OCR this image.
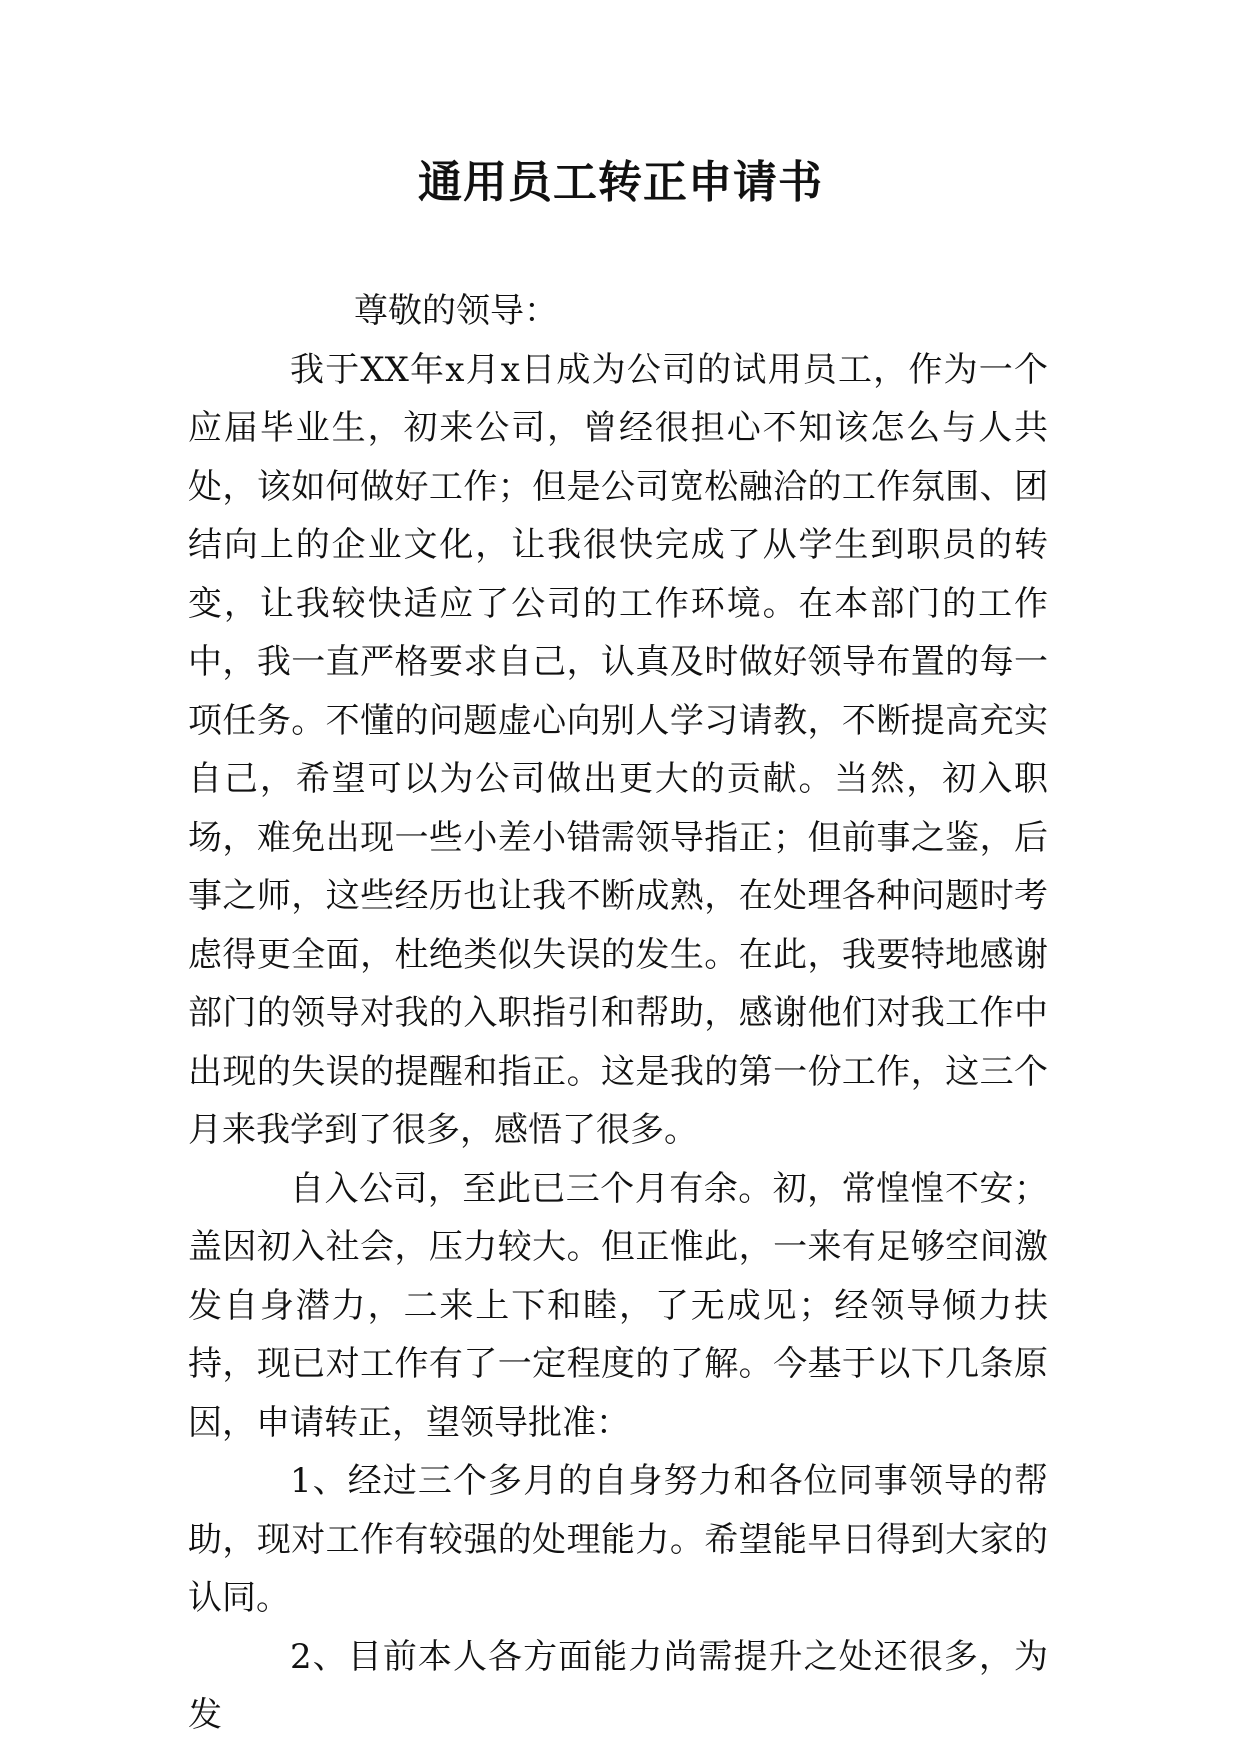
通用员工转正申请书

尊敬的领导：

我于XX年x月x日成为公司的试用员工，作为一个应届毕业生，初来公司，曾经很担心不知该怎么与人共处，该如何做好工作；但是公司宽松融洽的工作氛围、团结向上的企业文化，让我很快完成了从学生到职员的转变，让我较快适应了公司的工作环境。在本部门的工作中，我一直严格要求自己，认真及时做好领导布置的每一项任务。不懂的问题虚心向别人学习请教，不断提高充实自己，希望可以为公司做出更大的贡献。当然，初入职场，难免出现一些小差小错需领导指正；但前事之鉴，后事之师，这些经历也让我不断成熟，在处理各种问题时考虑得更全面，杜绝类似失误的发生。在此，我要特地感谢部门的领导对我的入职指引和帮助，感谢他们对我工作中出现的失误的提醒和指正。这是我的第一份工作，这三个月来我学到了很多，感悟了很多。

自入公司，至此已三个月有余。初，常惶惶不安；盖因初入社会，压力较大。但正惟此，一来有足够空间激发自身潜力，二来上下和睦，了无成见；经领导倾力扶持，现已对工作有了一定程度的了解。今基于以下几条原因，申请转正，望领导批准：

1、经过三个多月的自身努力和各位同事领导的帮助，现对工作有较强的处理能力。希望能早日得到大家的认同。

2、目前本人各方面能力尚需提升之处还很多，为发
